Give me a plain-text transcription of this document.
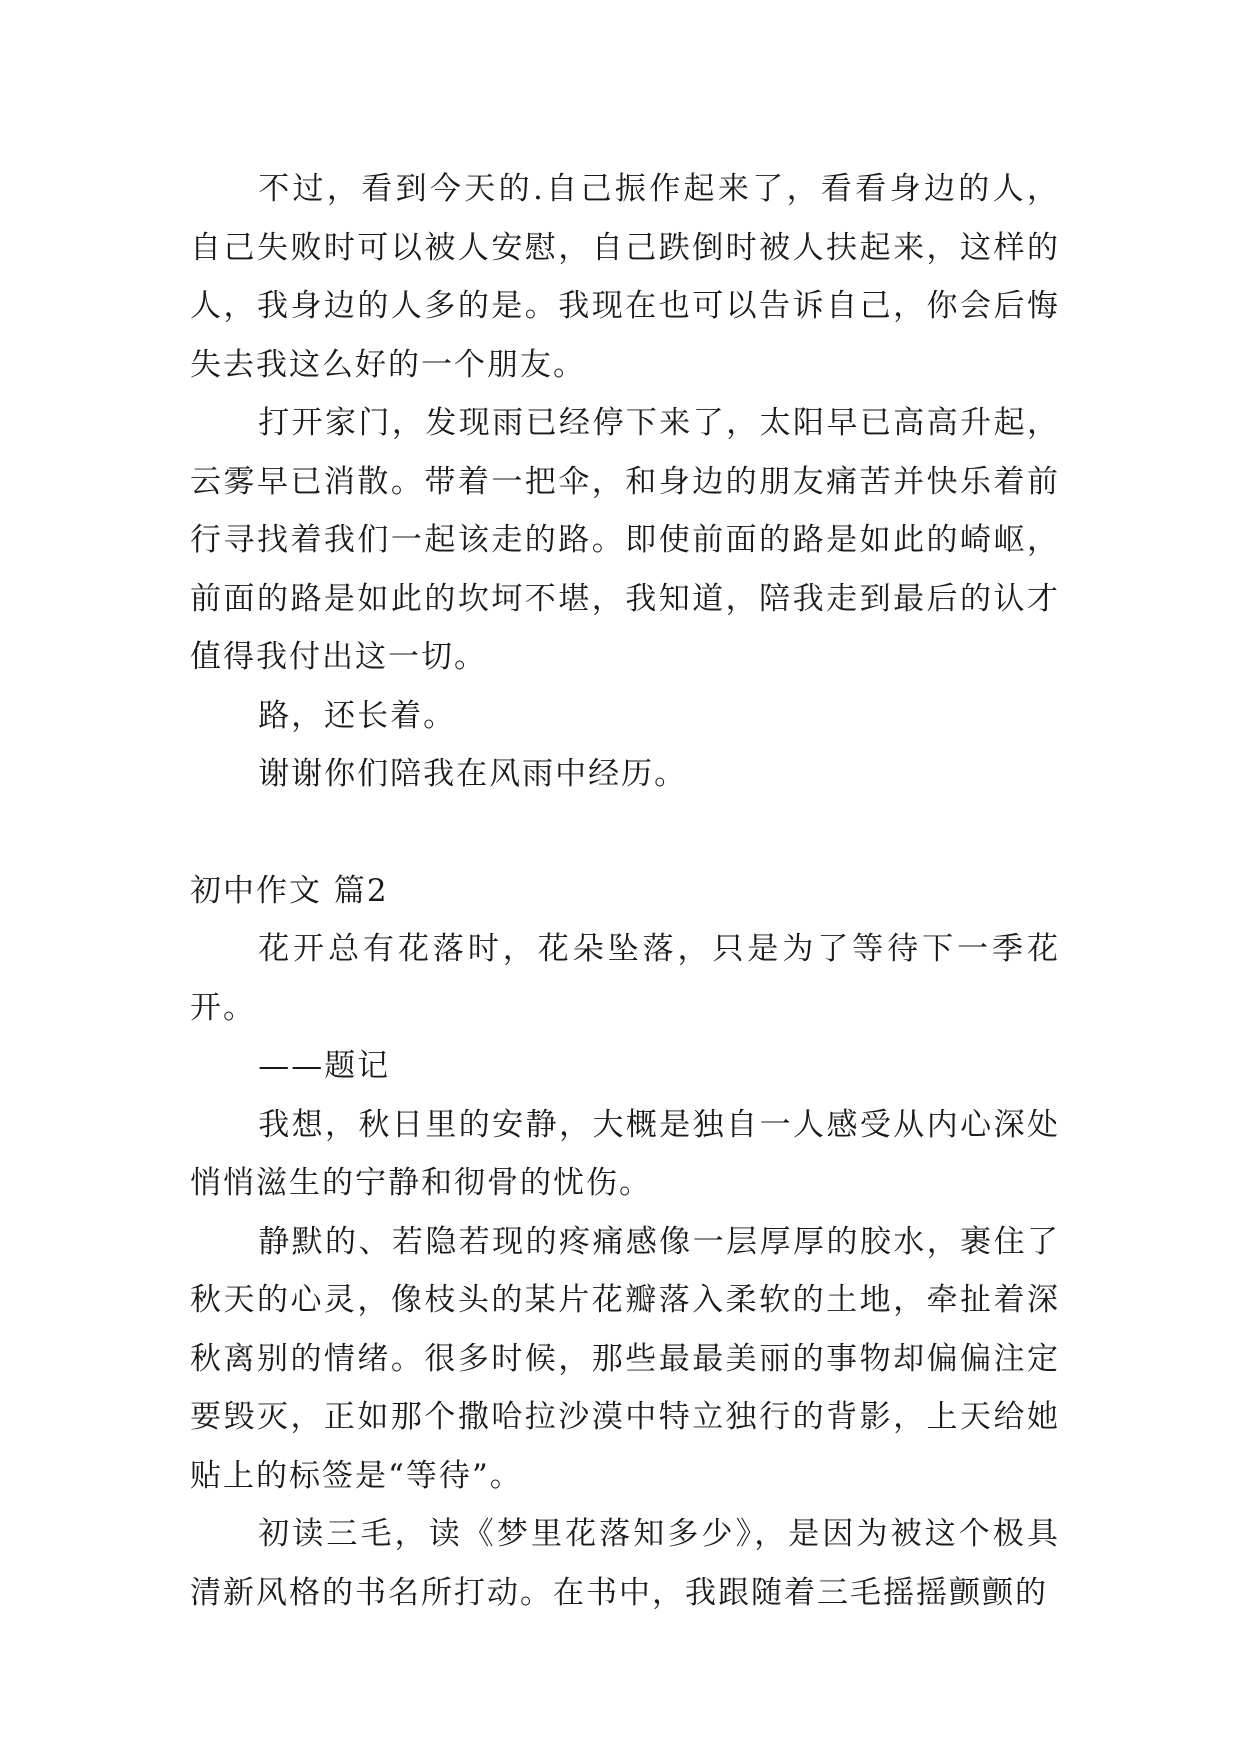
不过，看到今天的.自己振作起来了，看看身边的人，自己失败时可以被人安慰，自己跌倒时被人扶起来，这样的人，我身边的人多的是。我现在也可以告诉自己，你会后悔失去我这么好的一个朋友。

打开家门，发现雨已经停下来了，太阳早已高高升起，云雾早已消散。带着一把伞，和身边的朋友痛苦并快乐着前行寻找着我们一起该走的路。即使前面的路是如此的崎岖，前面的路是如此的坎坷不堪，我知道，陪我走到最后的认才值得我付出这一切。

路，还长着。

谢谢你们陪我在风雨中经历。

初中作文 篇2

花开总有花落时，花朵坠落，只是为了等待下一季花开。

——题记

我想，秋日里的安静，大概是独自一人感受从内心深处悄悄滋生的宁静和彻骨的忧伤。

静默的、若隐若现的疼痛感像一层厚厚的胶水，裹住了秋天的心灵，像枝头的某片花瓣落入柔软的土地，牵扯着深秋离别的情绪。很多时候，那些最最美丽的事物却偏偏注定要毁灭，正如那个撒哈拉沙漠中特立独行的背影，上天给她贴上的标签是“等待”。

初读三毛，读《梦里花落知多少》，是因为被这个极具清新风格的书名所打动。在书中，我跟随着三毛摇摇颤颤的
